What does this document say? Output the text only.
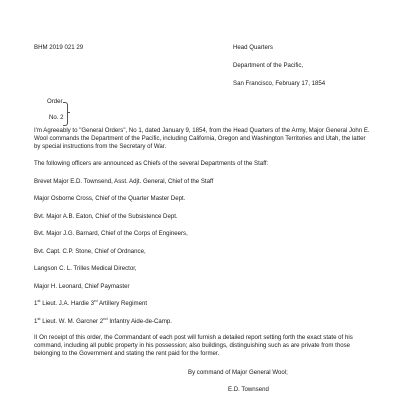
BHM 2019 021 29	Head Quarters
Department of the Pacific,
San Francisco, February 17, 1854
Order
No. 2
I'm Agreeably to "General Orders", No 1, dated January 9, 1854, from the Head Quarters of the Army, Major General John E. Wool commands the Department of the Pacific, including California, Oregon and Washington Territories and Utah, the latter by special instructions from the Secretary of War.
The following officers are announced as Chiefs of the several Departments of the Staff:
Brevet Major E.D. Townsend, Asst. Adjt. General, Chief of the Staff
Major Osborne Cross, Chief of the Quarter Master Dept.
Bvt. Major A.B. Eaton, Chief of the Subsistence Dept.
Bvt. Major J.G. Barnard, Chief of the Corps of Engineers,
Bvt. Capt. C.P. Stone, Chief of Ordnance,
Langson C. L. Trilles Medical Director,
Major H. Leonard, Chief Paymaster
1st Lieut. J.A. Hardie 3rd Artillery Regiment
1st Lieut. W. M. Garcner 2nd Infantry Aide-de-Camp.
II On receipt of this order, the Commandant of each post will furnish a detailed report setting forth the exact state of his command, including all public property in his possession; also buildings, distinguishing such as are private from those belonging to the Government and stating the rent paid for the former.
By command of Major General Wool;
E.D. Townsend
